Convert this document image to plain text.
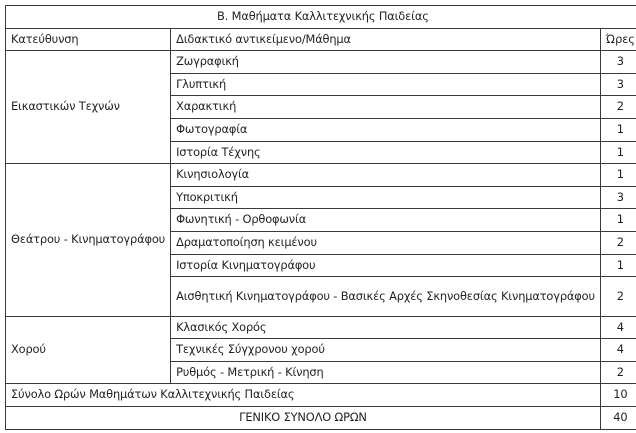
Β. Μαθήματα Καλλιτεχνικής Παιδείας		
Κατεύθυνση	Διδακτικό αντικείμενο/Μάθημα	Ώρες
Εικαστικών Τεχνών	Ζωγραφική	3
	Γλυπτική	3
	Χαρακτική	2
	Φωτογραφία	1
	Ιστορία Τέχνης	1
Θεάτρου - Κινηματογράφου	Κινησιολογία	1
	Υποκριτική	3
	Φωνητική - Ορθοφωνία	1
	Δραματοποίηση κειμένου	2
	Ιστορία Κινηματογράφου	1
	Αισθητική Κινηματογράφου - Βασικές Αρχές Σκηνοθεσίας Κινηματογράφου	2
Χορού	Κλασικός Χορός	4
	Τεχνικές Σύγχρονου χορού	4
	Ρυθμός - Μετρική - Κίνηση	2
Σύνολο Ωρών Μαθημάτων Καλλιτεχνικής Παιδείας		10
ΓΕΝΙΚΟ ΣΥΝΟΛΟ ΩΡΩΝ		40
